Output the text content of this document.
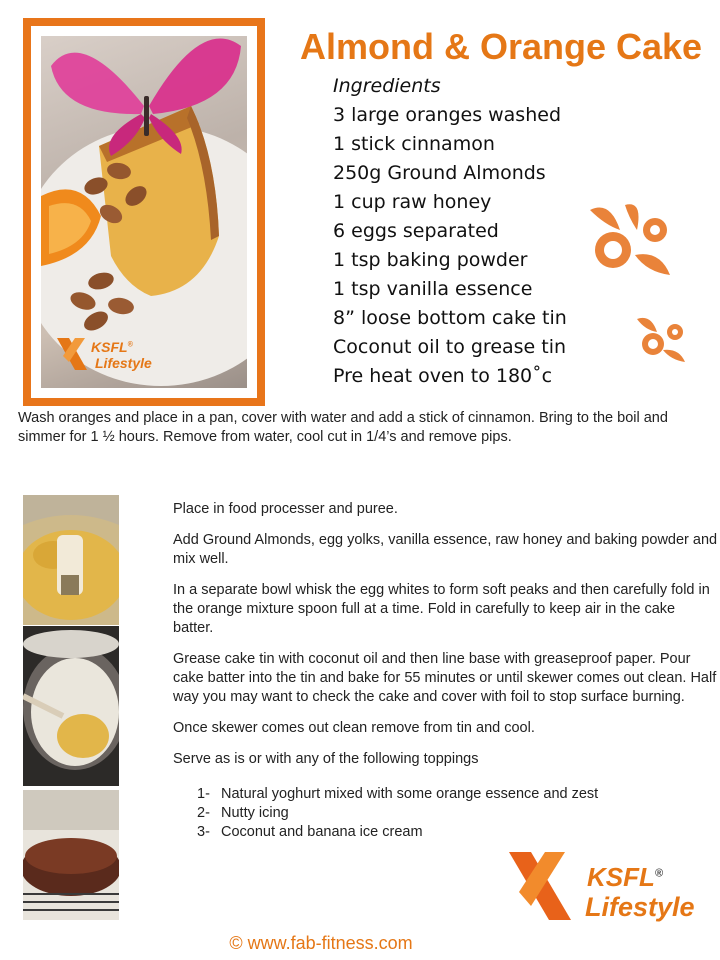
Almond & Orange Cake
KSFL®
Lifestyle
Ingredients
3 large oranges washed
1 stick cinnamon
250g Ground Almonds
1 cup raw honey
6 eggs separated
1 tsp baking powder
1 tsp vanilla essence
8” loose bottom cake tin
Coconut oil to grease tin
Pre heat oven to 180˚c
Wash oranges and place in a pan, cover with water and add a stick of cinnamon. Bring to the boil and simmer for 1 ½ hours. Remove from water, cool cut in 1/4’s and remove pips.

Place in food processer and puree.

Add Ground Almonds, egg yolks, vanilla essence, raw honey and baking powder and mix well.

In a separate bowl whisk the egg whites to form soft peaks and then carefully fold in the orange mixture spoon full at a time. Fold in carefully to keep air in the cake batter.

Grease cake tin with coconut oil and then line base with greaseproof paper. Pour cake batter into the tin and bake for 55 minutes or until skewer comes out clean. Half way you may want to check the cake and cover with foil to stop surface burning.

Once skewer comes out clean remove from tin and cool.

Serve as is or with any of the following toppings

1- Natural yoghurt mixed with some orange essence and zest
2- Nutty icing
3- Coconut and banana ice cream
KSFL®
Lifestyle
© www.fab-fitness.com
